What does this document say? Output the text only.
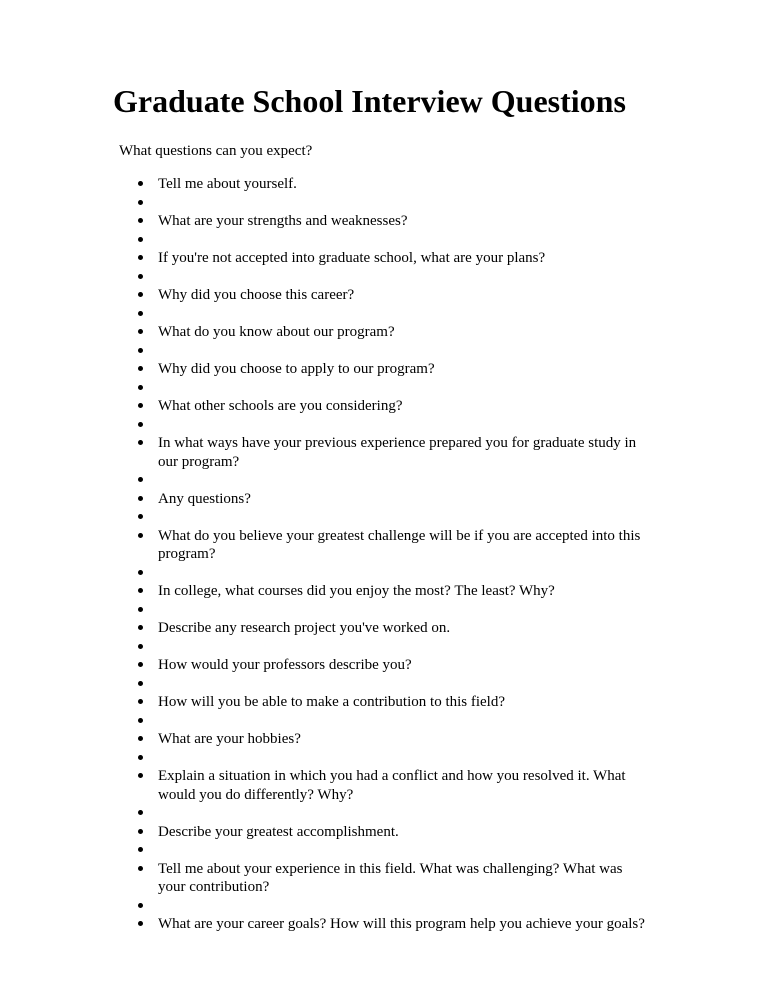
Graduate School Interview Questions

What questions can you expect?

Tell me about yourself.
What are your strengths and weaknesses?
If you're not accepted into graduate school, what are your plans?
Why did you choose this career?
What do you know about our program?
Why did you choose to apply to our program?
What other schools are you considering?
In what ways have your previous experience prepared you for graduate study in our program?
Any questions?
What do you believe your greatest challenge will be if you are accepted into this program?
In college, what courses did you enjoy the most? The least? Why?
Describe any research project you've worked on.
How would your professors describe you?
How will you be able to make a contribution to this field?
What are your hobbies?
Explain a situation in which you had a conflict and how you resolved it. What would you do differently? Why?
Describe your greatest accomplishment.
Tell me about your experience in this field. What was challenging? What was your contribution?
What are your career goals? How will this program help you achieve your goals?
